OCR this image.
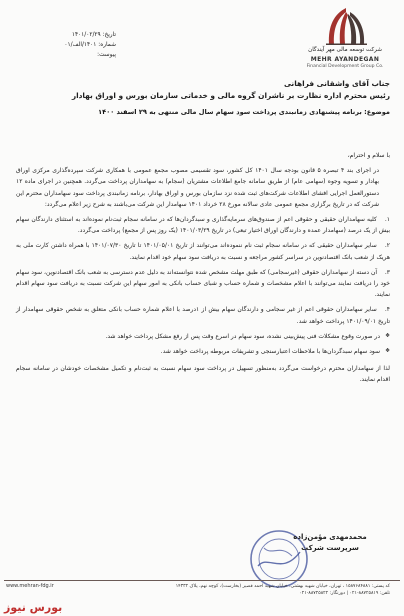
تاریخ: ۱۴۰۱/۰۲/۲۹
شماره: ۱۴۰۱/الف/۰۱
پیوست:
شرکت توسعه مالی مهر آیندگان
MEHR AYANDEGAN
Financial Development Group Co.
جناب آقای واشقانی فراهانی
رئیس محترم اداره نظارت بر ناشران گروه مالی و خدماتی سازمان بورس و اوراق بهادار
موضوع: برنامه پیشنهادی زمانبندی پرداخت سود سهام سال مالی منتهی به ۲۹ اسفند ۱۴۰۰

با سلام و احترام،

در اجرای بند ۴ تبصره ۵ قانون بودجه سال ۱۴۰۱ کل کشور، سود تقسیمی مصوب مجمع عمومی با همکاری شرکت سپرده‌گذاری مرکزی اوراق بهادار و تسویه وجوه (سهامی عام) از طریق سامانه جامع اطلاعات مشتریان (سجام) به سهامداران پرداخت می‌گردد. همچنین در اجرای ماده ۱۲ دستورالعمل اجرایی افشای اطلاعات شرکت‌های ثبت شده نزد سازمان بورس و اوراق بهادار، برنامه زمانبندی پرداخت سود سهامداران محترم این شرکت که در تاریخ برگزاری مجمع عمومی عادی سالانه مورخ ۲۸ خرداد ۱۴۰۱ سهامدار این شرکت می‌باشند به شرح زیر اعلام می‌گردد:

۱. کلیه سهامداران حقیقی و حقوقی اعم از صندوق‌های سرمایه‌گذاری و سبدگردان‌ها که در سامانه سجام ثبت‌نام نموده‌اند به استثنای دارندگان سهام بیش از یک درصد (سهامدار عمده و دارندگان اوراق اختیار تبعی) در تاریخ ۱۴۰۱/۰۳/۲۹ (یک روز پس از مجمع) پرداخت می‌گردد.

۲. سایر سهامداران حقیقی که در سامانه سجام ثبت نام ننموده‌اند می‌توانند از تاریخ ۱۴۰۱/۰۵/۰۱ تا تاریخ ۱۴۰۱/۰۷/۳۰ با همراه داشتن کارت ملی به هریک از شعب بانک اقتصادنوین در سراسر کشور مراجعه و نسبت به دریافت سود سهام خود اقدام نمایند.

۳. آن دسته از سهامداران حقوقی (غیرسجامی) که طبق مهلت مشخص شده نتوانسته‌اند به دلیل عدم دسترسی به شعب بانک اقتصادنوین، سود سهام خود را دریافت نمایند می‌توانند با اعلام مشخصات و شماره حساب و شبای حساب بانکی به امور سهام این شرکت نسبت به دریافت سود سهام اقدام نمایند.

۴. سایر سهامداران حقوقی اعم از غیر سجامی و دارندگان سهام بیش از ۱درصد با اعلام شماره حساب بانکی متعلق به شخص حقوقی سهامدار از تاریخ ۱۴۰۱/۰۹/۰۱ پرداخت خواهد شد.

❖ در صورت وقوع مشکلات فنی پیش‌بینی نشده، سود سهام در اسرع وقت پس از رفع مشکل پرداخت خواهد شد.

❖ سود سهام سبدگردان‌ها با ملاحظات اعتبارسنجی و تشریفات مربوطه پرداخت خواهد شد.

لذا از سهامداران محترم درخواست می‌گردد به‌منظور تسهیل در پرداخت سود سهام نسبت به ثبت‌نام و تکمیل مشخصات خودشان در سامانه سجام اقدام نمایند.

محمدمهدی مؤمن‌زاده
سرپرست شرکت
کد پستی: ۱۵۸۷۶۸۴۸۸۱ ، تهران، خیابان شهید بهشتی، خیابان شهید احمد قصیر (بخارست)، کوچه نهم، پلاک ۱۴۳۳۲
تلفن: ۸۸۷۲۵۸۱۹-۰۲۱ | دورنگار: ۸۸۷۲۵۸۲۲-۰۲۱
www.mehran-fdg.ir
بورس نیوز
